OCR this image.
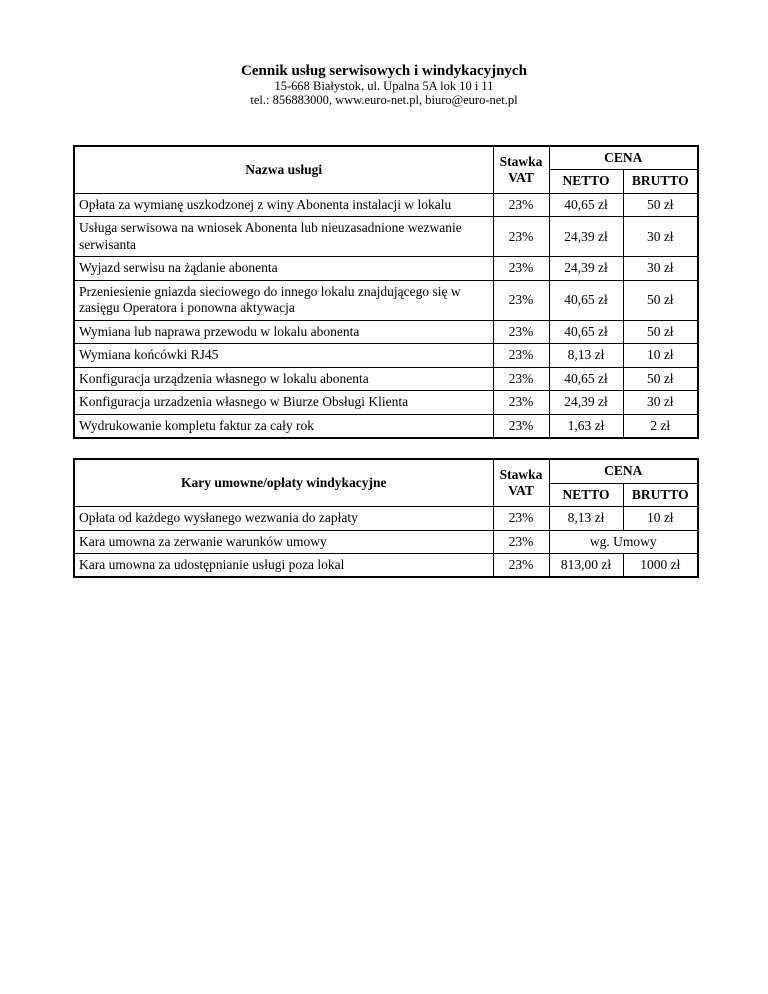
Cennik usług serwisowych i windykacyjnych

15-668 Białystok, ul. Upalna 5A lok 10 i 11

tel.: 856883000, www.euro-net.pl, biuro@euro-net.pl

Nazwa usługi	Stawka VAT	CENA	
		NETTO	BRUTTO
Opłata za wymianę uszkodzonej z winy Abonenta instalacji w lokalu	23%	40,65 zł	50 zł
Usługa serwisowa na wniosek Abonenta lub nieuzasadnione wezwanie serwisanta	23%	24,39 zł	30 zł
Wyjazd serwisu na żądanie abonenta	23%	24,39 zł	30 zł
Przeniesienie gniazda sieciowego do innego lokalu znajdującego się w zasięgu Operatora i ponowna aktywacja	23%	40,65 zł	50 zł
Wymiana lub naprawa przewodu w lokalu abonenta	23%	40,65 zł	50 zł
Wymiana końcówki RJ45	23%	8,13 zł	10 zł
Konfiguracja urządzenia własnego w lokalu abonenta	23%	40,65 zł	50 zł
Konfiguracja urzadzenia własnego w Biurze Obsługi Klienta	23%	24,39 zł	30 zł
Wydrukowanie kompletu faktur za cały rok	23%	1,63 zł	2 zł
Kary umowne/opłaty windykacyjne	Stawka VAT	CENA	
		NETTO	BRUTTO
Opłata od każdego wysłanego wezwania do zapłaty	23%	8,13 zł	10 zł
Kara umowna za zerwanie warunków umowy	23%	wg. Umowy	
Kara umowna za udostępnianie usługi poza lokal	23%	813,00 zł	1000 zł
